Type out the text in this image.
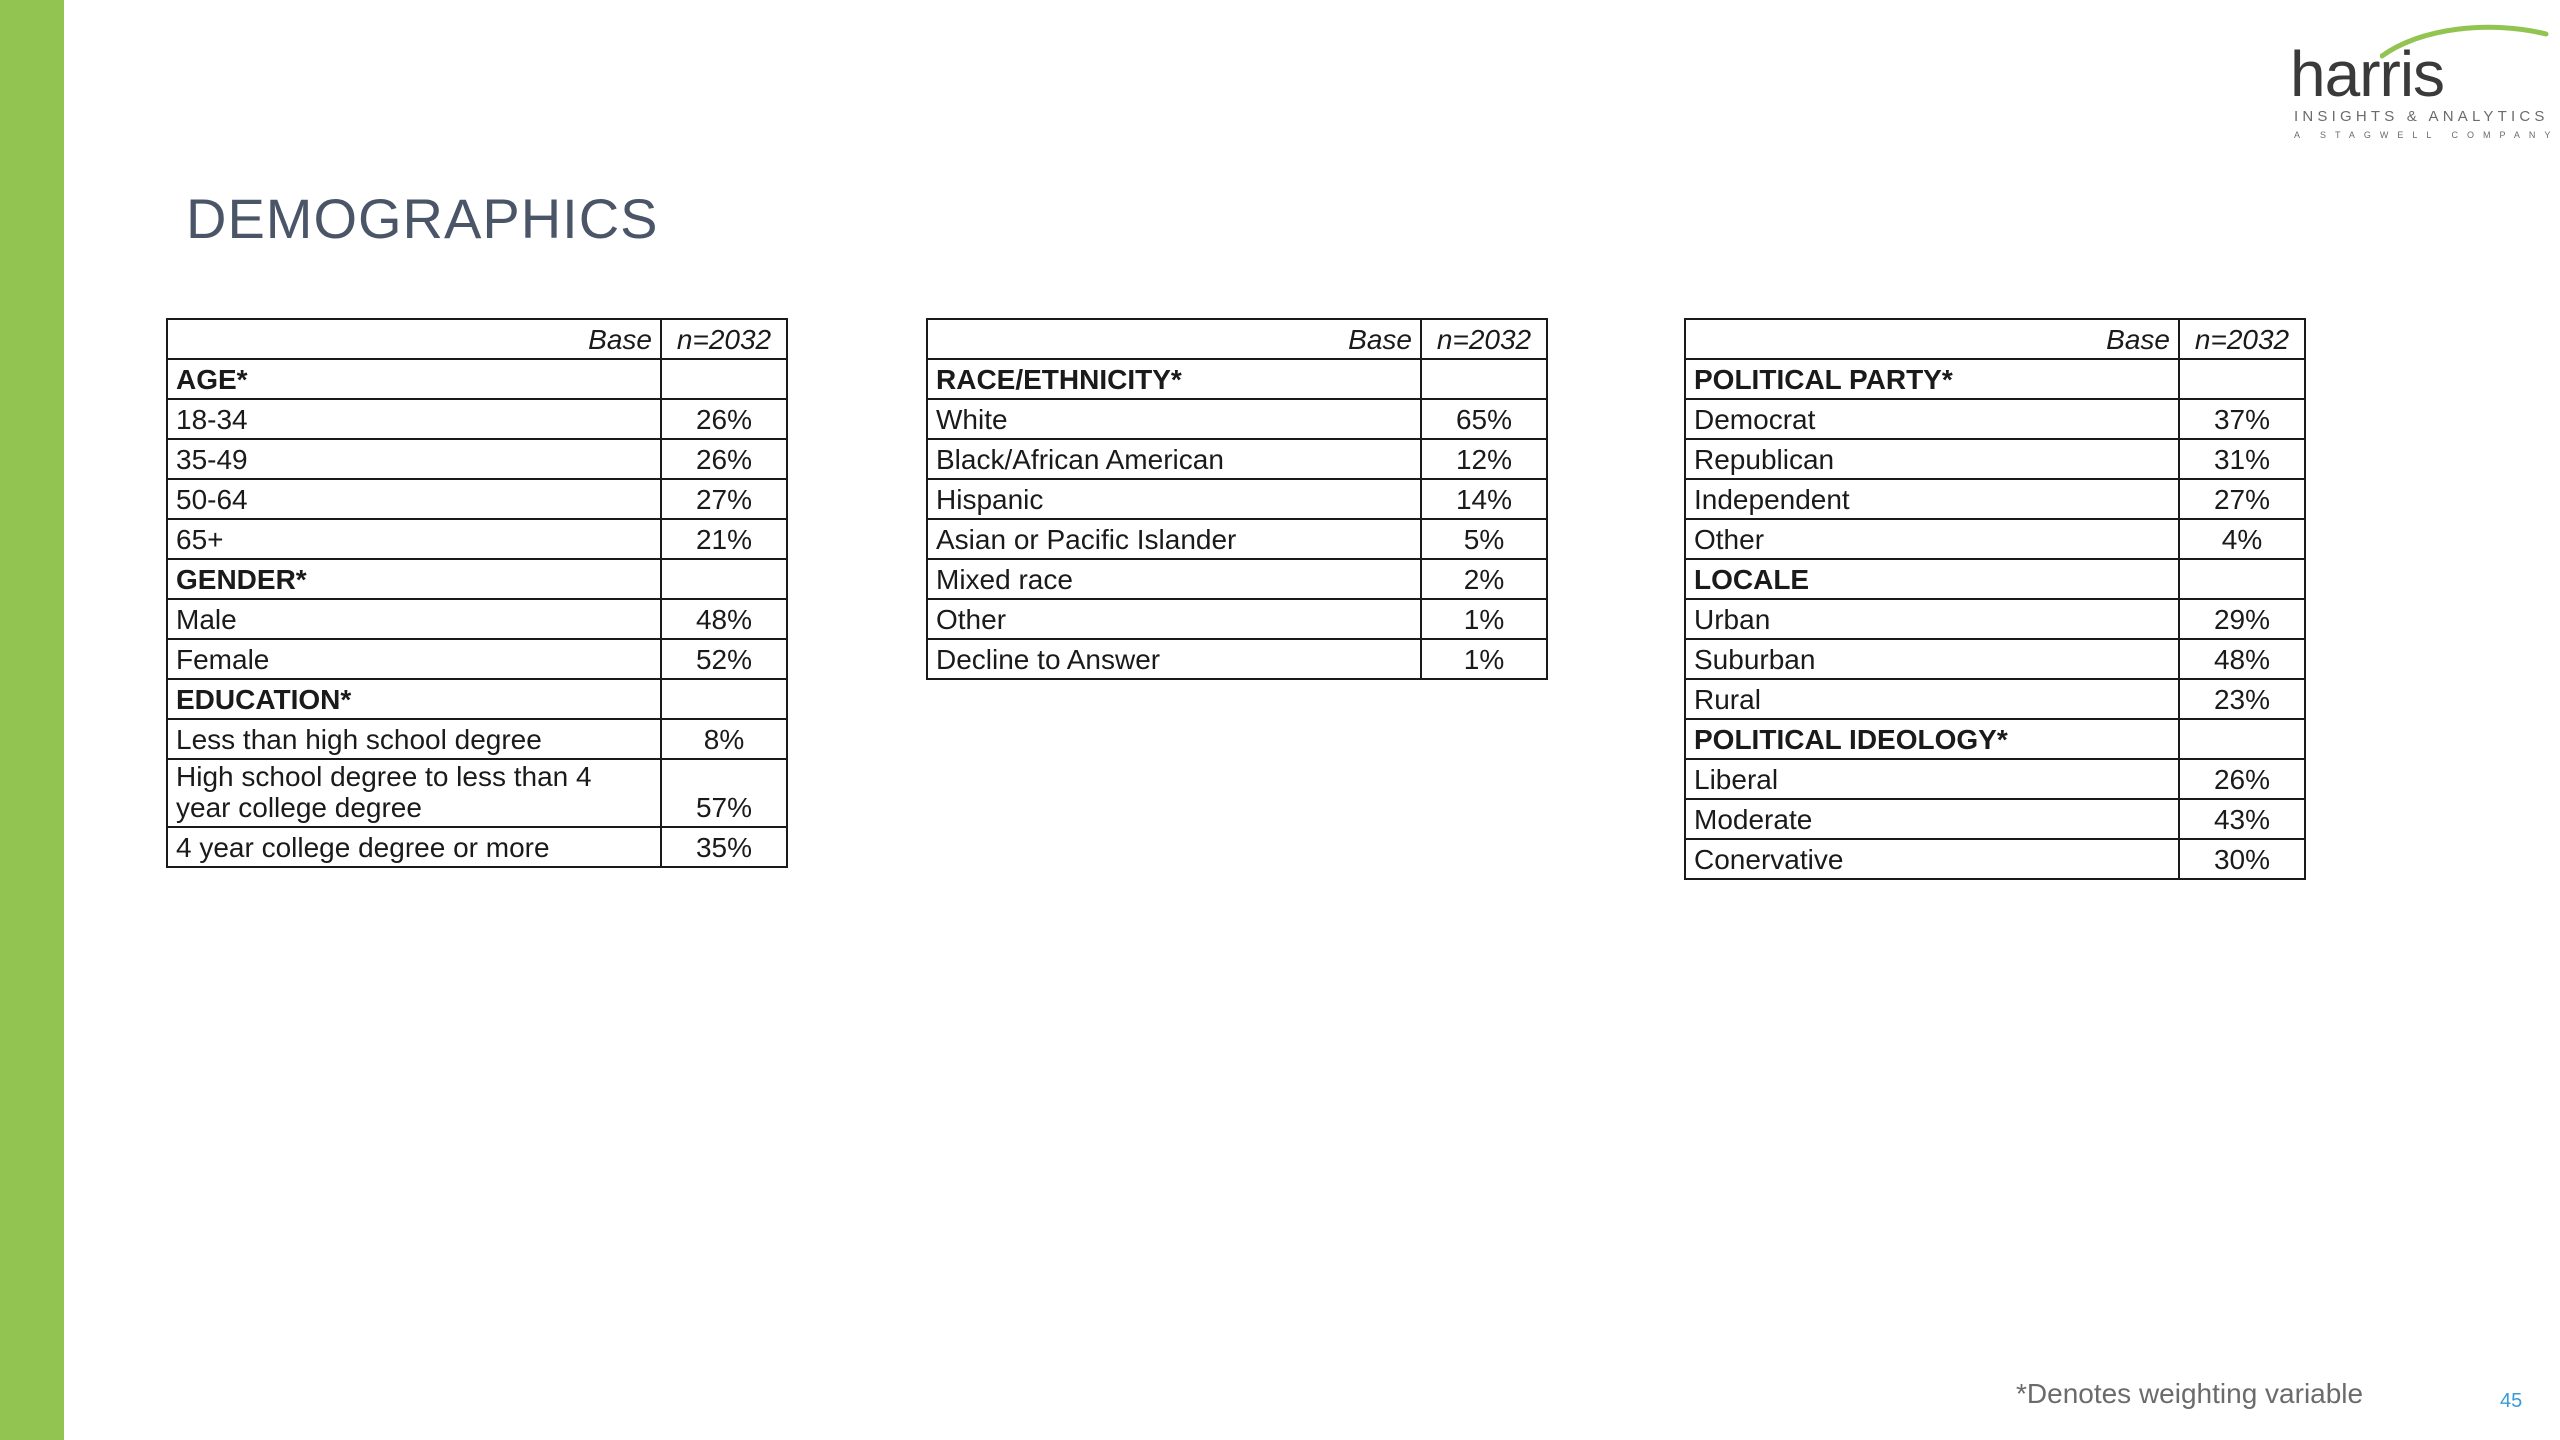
DEMOGRAPHICS
harris
INSIGHTS & ANALYTICS
A STAGWELL COMPANY
Base	n=2032
AGE*	
18-34	26%
35-49	26%
50-64	27%
65+	21%
GENDER*	
Male	48%
Female	52%
EDUCATION*	
Less than high school degree	8%
High school degree to less than 4 year college degree	57%
4 year college degree or more	35%
Base	n=2032
RACE/ETHNICITY*	
White	65%
Black/African American	12%
Hispanic	14%
Asian or Pacific Islander	5%
Mixed race	2%
Other	1%
Decline to Answer	1%
Base	n=2032
POLITICAL PARTY*	
Democrat	37%
Republican	31%
Independent	27%
Other	4%
LOCALE	
Urban	29%
Suburban	48%
Rural	23%
POLITICAL IDEOLOGY*	
Liberal	26%
Moderate	43%
Conervative	30%
*Denotes weighting variable	45
